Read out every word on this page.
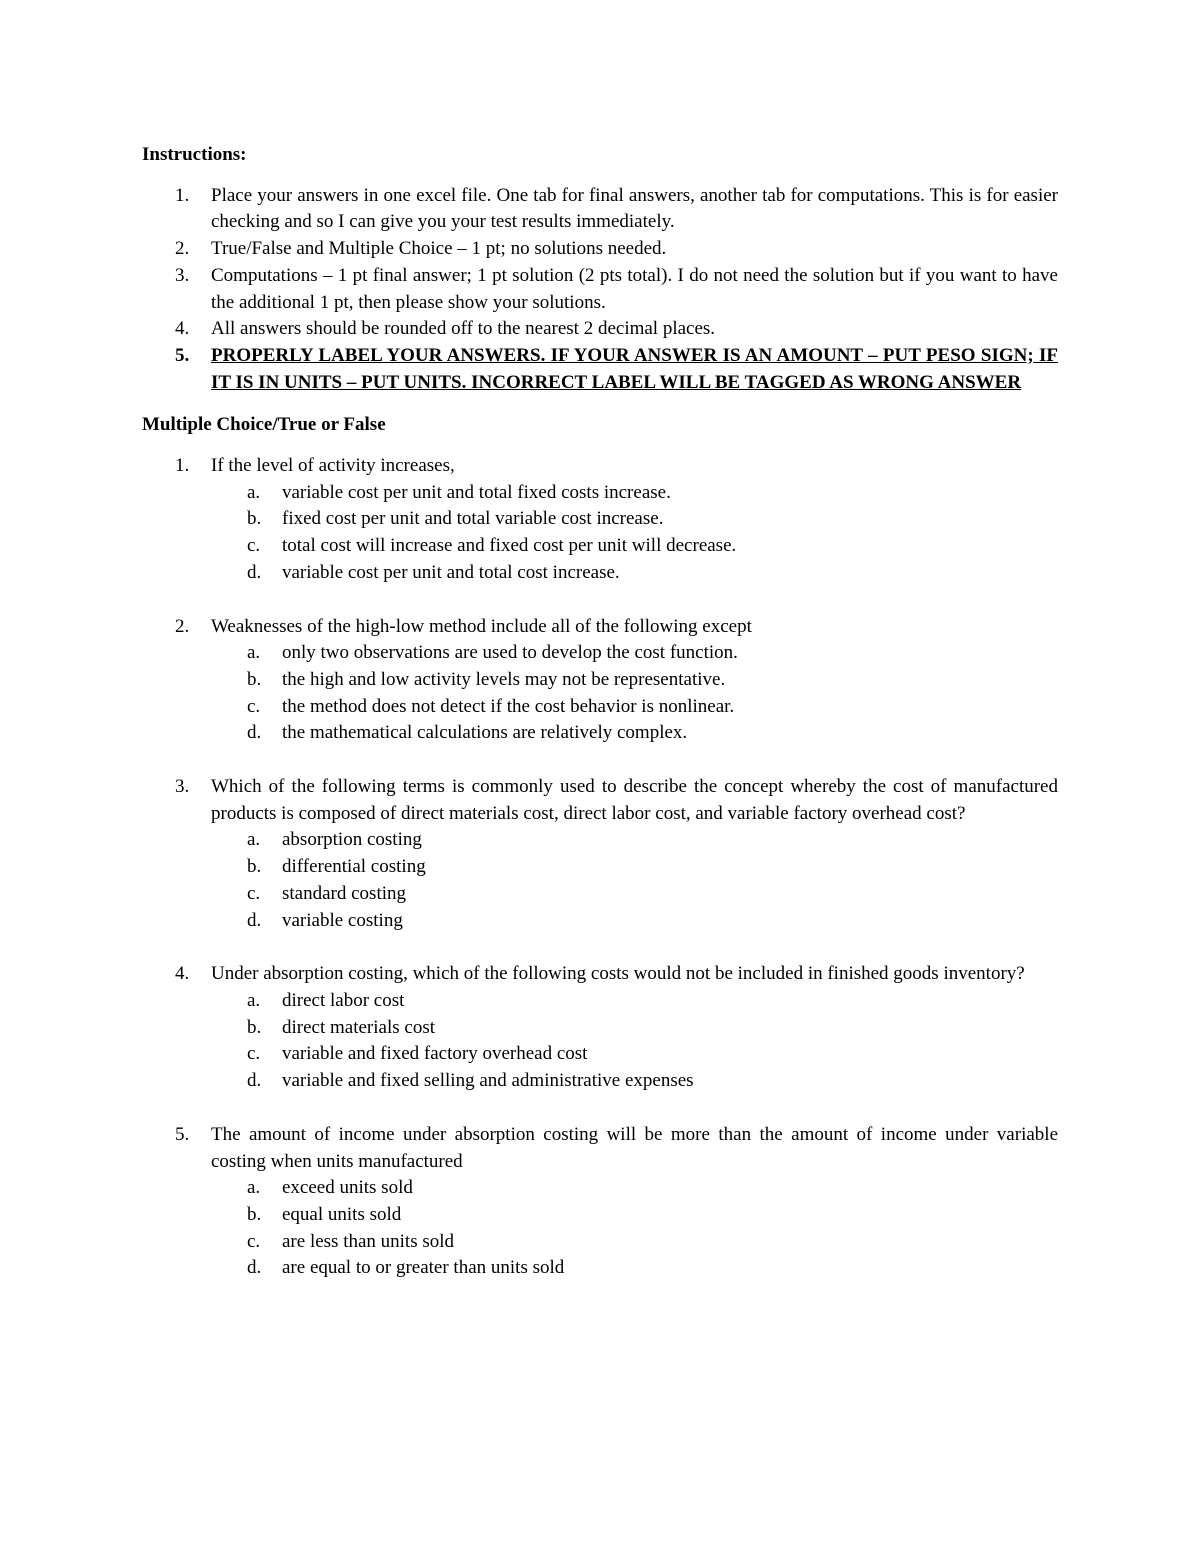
Instructions:

1. Place your answers in one excel file. One tab for final answers, another tab for computations. This is for easier checking and so I can give you your test results immediately.
2. True/False and Multiple Choice – 1 pt; no solutions needed.
3. Computations – 1 pt final answer; 1 pt solution (2 pts total). I do not need the solution but if you want to have the additional 1 pt, then please show your solutions.
4. All answers should be rounded off to the nearest 2 decimal places.
5. PROPERLY LABEL YOUR ANSWERS. IF YOUR ANSWER IS AN AMOUNT – PUT PESO SIGN; IF IT IS IN UNITS – PUT UNITS. INCORRECT LABEL WILL BE TAGGED AS WRONG ANSWER

Multiple Choice/True or False

1. If the level of activity increases,
a. variable cost per unit and total fixed costs increase.
b. fixed cost per unit and total variable cost increase.
c. total cost will increase and fixed cost per unit will decrease.
d. variable cost per unit and total cost increase.
2. Weaknesses of the high-low method include all of the following except
a. only two observations are used to develop the cost function.
b. the high and low activity levels may not be representative.
c. the method does not detect if the cost behavior is nonlinear.
d. the mathematical calculations are relatively complex.
3. Which of the following terms is commonly used to describe the concept whereby the cost of manufactured products is composed of direct materials cost, direct labor cost, and variable factory overhead cost?
a. absorption costing
b. differential costing
c. standard costing
d. variable costing
4. Under absorption costing, which of the following costs would not be included in finished goods inventory?
a. direct labor cost
b. direct materials cost
c. variable and fixed factory overhead cost
d. variable and fixed selling and administrative expenses
5. The amount of income under absorption costing will be more than the amount of income under variable costing when units manufactured
a. exceed units sold
b. equal units sold
c. are less than units sold
d. are equal to or greater than units sold
